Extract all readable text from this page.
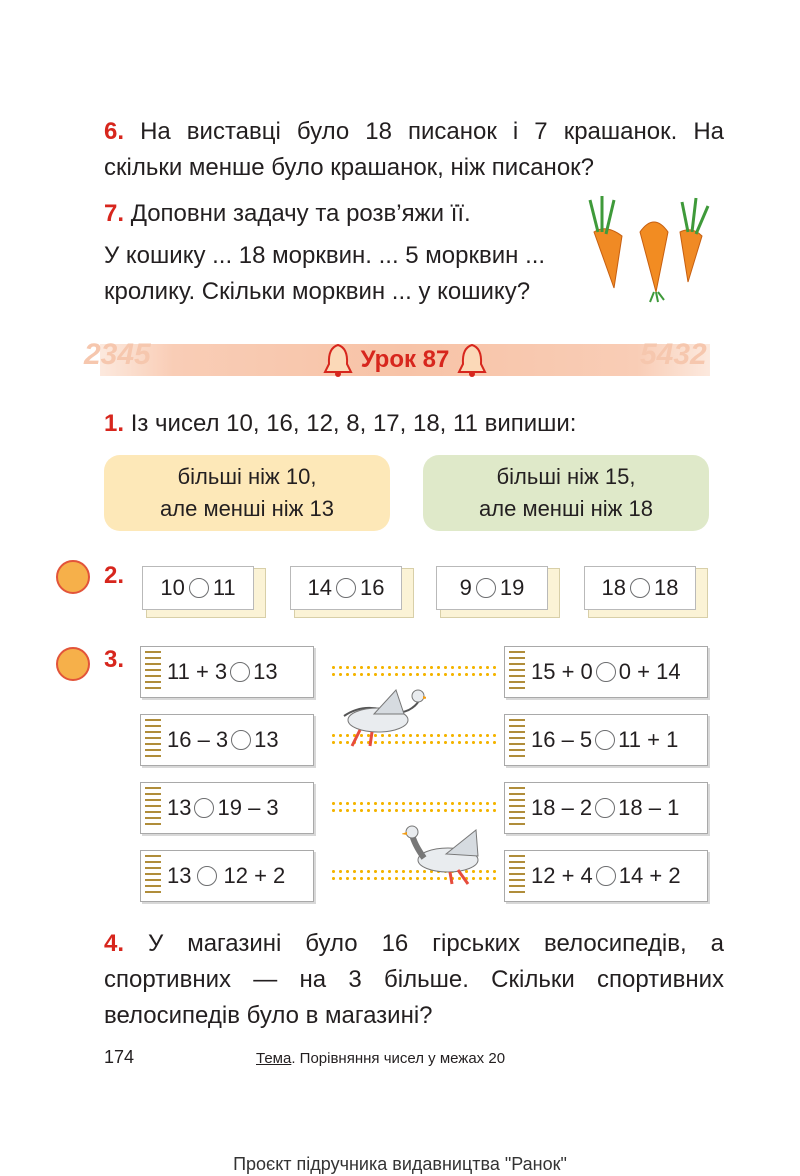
6. На виставці було 18 писанок і 7 крашанок. На скільки менше було крашанок, ніж писанок?
7. Доповни задачу та розв’яжи її.
У кошику ... 18 морквин. ... 5 морквин ... кролику. Скільки морквин ... у кошику?
2345	5432
Урок 87
1. Із чисел 10, 16, 12, 8, 17, 18, 11 випиши:
більші ніж 10,
але менші ніж 13
більші ніж 15,
але менші ніж 18
2. 10 11	14 16	9 19	18 18
3. 11 + 3 13	15 + 0 0 + 14
16 – 3 13	16 – 5 11 + 1
13 19 – 3	18 – 2 18 – 1
13 12 + 2	12 + 4 14 + 2
4. У магазині було 16 гірських велосипедів, а спортивних — на 3 більше. Скільки спортивних велосипедів було в магазині?
174	Тема. Порівняння чисел у межах 20
Проєкт підручника видавництва "Ранок"
